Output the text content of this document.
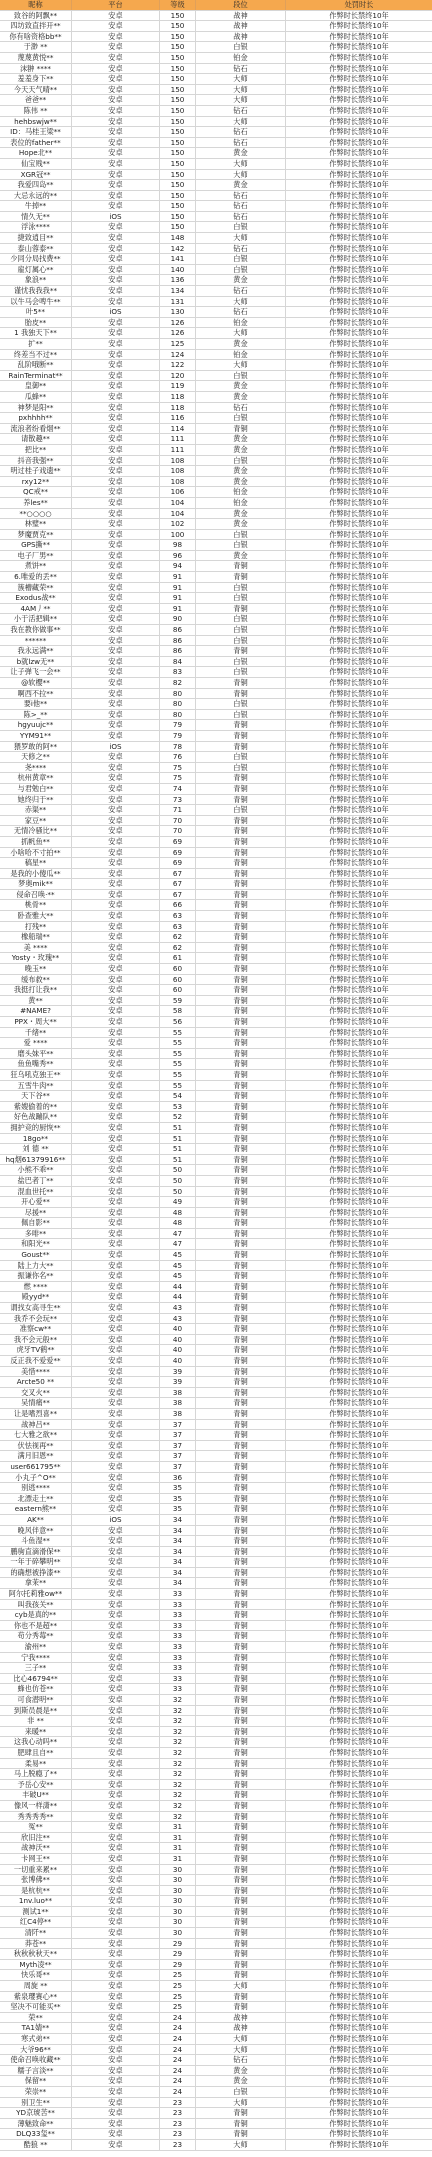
昵称	平台	等级	段位	处罚时长
致谷的阿飘**	安卓	150	战神	作弊时长禁终10年
四坊致直拌开**	安卓	150	战神	作弊时长禁终10年
你有啥资格bb**	安卓	150	战神	作弊时长禁终10年
于渺 **	安卓	150	白银	作弊时长禁终10年
蔑蔑黄悦**	安卓	150	铂金	作弊时长禁终10年
沫翀 ****	安卓	150	钻石	作弊时长禁终10年
羞羞身下**	安卓	150	大师	作弊时长禁终10年
今天天气晴**	安卓	150	大师	作弊时长禁终10年
爸爸**	安卓	150	大师	作弊时长禁终10年
陈伟 **	安卓	150	钻石	作弊时长禁终10年
hehbswjw**	安卓	150	大师	作弊时长禁终10年
ID：马桂王梁**	安卓	150	钻石	作弊时长禁终10年
表位的father**	安卓	150	钻石	作弊时长禁终10年
Hope北**	安卓	150	黄金	作弊时长禁终10年
仙宝贱**	安卓	150	大师	作弊时长禁终10年
XGR冠**	安卓	150	大师	作弊时长禁终10年
我爱四岛**	安卓	150	黄金	作弊时长禁终10年
大忌永远的**	安卓	150	钻石	作弊时长禁终10年
牛掉**	安卓	150	钻石	作弊时长禁终10年
情久无**	iOS	150	钻石	作弊时长禁终10年
浮泳****	安卓	150	白银	作弊时长禁终10年
捷致逍目**	安卓	148	大师	作弊时长禁终10年
泰山蓉泰**	安卓	142	钻石	作弊时长禁终10年
少同分局找费**	安卓	141	白银	作弊时长禁终10年
雇灯属心**	安卓	140	白银	作弊时长禁终10年
象浪**	安卓	136	黄金	作弊时长禁终10年
谨忧我我我**	安卓	134	钻石	作弊时长禁终10年
以牛马会啤牛**	安卓	131	大师	作弊时长禁终10年
叶5**	iOS	130	钻石	作弊时长禁终10年
胎皮**	安卓	126	铂金	作弊时长禁终10年
1 我独天下**	安卓	126	大师	作弊时长禁终10年
扩**	安卓	125	黄金	作弊时长禁终10年
终差当不过**	安卓	124	铂金	作弊时长禁终10年
乱阶哦断**	安卓	122	大师	作弊时长禁终10年
RainTerminat**	安卓	120	白银	作弊时长禁终10年
皇御**	安卓	119	黄金	作弊时长禁终10年
瓜蜂**	安卓	118	黄金	作弊时长禁终10年
神梦是阳**	安卓	118	钻石	作弊时长禁终10年
pxhhhh**	安卓	116	白银	作弊时长禁终10年
流浪者纷看烟**	安卓	114	青铜	作弊时长禁终10年
请散趣**	安卓	111	黄金	作弊时长禁终10年
把比**	安卓	111	黄金	作弊时长禁终10年
抖音我强**	安卓	108	白银	作弊时长禁终10年
明过桂子戏遗**	安卓	108	黄金	作弊时长禁终10年
rxy12**	安卓	108	黄金	作弊时长禁终10年
QC戒**	安卓	106	铂金	作弊时长禁终10年
养les**	安卓	104	铂金	作弊时长禁终10年
**○○○○	安卓	104	黄金	作弊时长禁终10年
林璧**	安卓	102	黄金	作弊时长禁终10年
梦魔贾克**	安卓	100	白银	作弊时长禁终10年
GPS撕**	安卓	98	白银	作弊时长禁终10年
电子厂男**	安卓	96	黄金	作弊时长禁终10年
煮饼**	安卓	94	青铜	作弊时长禁终10年
6.唯爱的丢**	安卓	91	青铜	作弊时长禁终10年
簇槽藏荣**	安卓	91	白银	作弊时长禁终10年
Exodus战**	安卓	91	白银	作弊时长禁终10年
4AM丿**	安卓	91	青铜	作弊时长禁终10年
小于活把辑**	安卓	90	白银	作弊时长禁终10年
我在教你做事**	安卓	86	白银	作弊时长禁终10年
******	安卓	86	白银	作弊时长禁终10年
我永远满**	安卓	86	青铜	作弊时长禁终10年
b就lzw无**	安卓	84	白银	作弊时长禁终10年
让子弹飞一会**	安卓	83	白银	作弊时长禁终10年
@软樱**	安卓	82	青铜	作弊时长禁终10年
啊西不拉**	安卓	80	青铜	作弊时长禁终10年
要i他**	安卓	80	白银	作弊时长禁终10年
陈>_**	安卓	80	白银	作弊时长禁终10年
hgyuujc**	安卓	79	青铜	作弊时长禁终10年
YYM91**	安卓	79	青铜	作弊时长禁终10年
猥罗敢的阿**	iOS	78	青铜	作弊时长禁终10年
天修之**	安卓	76	白银	作弊时长禁终10年
尧****	安卓	75	白银	作弊时长禁终10年
杭州黄章**	安卓	75	青铜	作弊时长禁终10年
与君勉白**	安卓	74	青铜	作弊时长禁终10年
她终归于**	安卓	73	青铜	作弊时长禁终10年
赤渠**	安卓	71	白银	作弊时长禁终10年
家豆**	安卓	70	青铜	作弊时长禁终10年
无情冷骚比**	安卓	70	青铜	作弊时长禁终10年
抓帆鱼**	安卓	69	青铜	作弊时长禁终10年
小啥哈不寸拍**	安卓	69	青铜	作弊时长禁终10年
稿星**	安卓	69	青铜	作弊时长禁终10年
是我的小傻瓜**	安卓	67	青铜	作弊时长禁终10年
梦奥mik**	安卓	67	青铜	作弊时长禁终10年
侵命召唤·**	安卓	67	青铜	作弊时长禁终10年
桃骨**	安卓	66	青铜	作弊时长禁终10年
卧查雅大**	安卓	63	青铜	作弊时长禁终10年
打残**	安卓	63	青铜	作弊时长禁终10年
橡船瑞**	安卓	62	青铜	作弊时长禁终10年
美 ****	安卓	62	青铜	作弊时长禁终10年
Yosty・玫瑰**	安卓	61	青铜	作弊时长禁终10年
晚玉**	安卓	60	青铜	作弊时长禁终10年
缓布救**	安卓	60	青铜	作弊时长禁终10年
我挺打让我**	安卓	60	青铜	作弊时长禁终10年
黄**	安卓	59	青铜	作弊时长禁终10年
#NAME?	安卓	58	青铜	作弊时长禁终10年
PPX・周大**	安卓	56	青铜	作弊时长禁终10年
千绪**	安卓	55	青铜	作弊时长禁终10年
爱 ****	安卓	55	青铜	作弊时长禁终10年
磨头妹平**	安卓	55	青铜	作弊时长禁终10年
鱼鱼嘴秀**	安卓	55	青铜	作弊时长禁终10年
狂乌吼克独王**	安卓	55	青铜	作弊时长禁终10年
五雪牛肉**	安卓	55	青铜	作弊时长禁终10年
天下谷**	安卓	54	青铜	作弊时长禁终10年
紫嫂偷着的**	安卓	53	青铜	作弊时长禁终10年
好色战蹦队**	安卓	52	青铜	作弊时长禁终10年
拥护竞的厨恢**	安卓	51	青铜	作弊时长禁终10年
18go**	安卓	51	青铜	作弊时长禁终10年
刘 德 **	安卓	51	青铜	作弊时长禁终10年
hq烟61379916**	安卓	51	青铜	作弊时长禁终10年
小熊不乖**	安卓	50	青铜	作弊时长禁终10年
盐巴者丁**	安卓	50	青铜	作弊时长禁终10年
混血世托**	安卓	50	青铜	作弊时长禁终10年
开心爱**	安卓	49	青铜	作弊时长禁终10年
尽援**	安卓	48	青铜	作弊时长禁终10年
佩自影**	安卓	48	青铜	作弊时长禁终10年
多啡**	安卓	47	青铜	作弊时长禁终10年
和阳光**	安卓	47	青铜	作弊时长禁终10年
Goust**	安卓	45	青铜	作弊时长禁终10年
陆上力大**	安卓	45	青铜	作弊时长禁终10年
振谦你名**	安卓	45	青铜	作弊时长禁终10年
燃 ****	安卓	44	青铜	作弊时长禁终10年
殿yyd**	安卓	44	青铜	作弊时长禁终10年
谓找女高寻生**	安卓	43	青铜	作弊时长禁终10年
我乔不会玩**	安卓	43	青铜	作弊时长禁终10年
准察cw**	安卓	40	青铜	作弊时长禁终10年
我不会元般**	安卓	40	青铜	作弊时长禁终10年
虎牙TV鹤**	安卓	40	青铜	作弊时长禁终10年
反正我不爱爱**	安卓	40	青铜	作弊时长禁终10年
美惜****	安卓	39	青铜	作弊时长禁终10年
Arcte50 **	安卓	39	青铜	作弊时长禁终10年
交叉火**	安卓	38	青铜	作弊时长禁终10年
吴情痛**	安卓	38	青铜	作弊时长禁终10年
让是嗜烈喜**	安卓	38	青铜	作弊时长禁终10年
战神吕**	安卓	37	青铜	作弊时长禁终10年
七大雅之欲**	安卓	37	青铜	作弊时长禁终10年
伏怯视再**	安卓	37	青铜	作弊时长禁终10年
满月旧恩**	安卓	37	青铜	作弊时长禁终10年
user661795**	安卓	37	青铜	作弊时长禁终10年
小丸子^O**	安卓	36	青铜	作弊时长禁终10年
别逃****	安卓	35	青铜	作弊时长禁终10年
北漂走土**	安卓	35	青铜	作弊时长禁终10年
eastern熊**	安卓	35	青铜	作弊时长禁终10年
AK**	iOS	34	青铜	作弊时长禁终10年
晚风伴意**	安卓	34	青铜	作弊时长禁终10年
斗鱼湿**	安卓	34	青铜	作弊时长禁终10年
鹏驹直滴滑保**	安卓	34	青铜	作弊时长禁终10年
一年于碎攀明**	安卓	34	青铜	作弊时长禁终10年
的确想被挣漆**	安卓	34	青铜	作弊时长禁终10年
拿茉**	安卓	34	青铜	作弊时长禁终10年
阿尔托莉雅ow**	安卓	33	青铜	作弊时长禁终10年
叫我孩关**	安卓	33	青铜	作弊时长禁终10年
cyb是真的**	安卓	33	青铜	作弊时长禁终10年
你也不是超**	安卓	33	青铜	作弊时长禁终10年
苟分秀莓**	安卓	33	青铜	作弊时长禁终10年
渝州**	安卓	33	青铜	作弊时长禁终10年
宁我****	安卓	33	青铜	作弊时长禁终10年
三子**	安卓	33	青铜	作弊时长禁终10年
比心46794**	安卓	33	青铜	作弊时长禁终10年
蜂也仿苍**	安卓	33	青铜	作弊时长禁终10年
可食潜明**	安卓	32	青铜	作弊时长禁终10年
到斯员晨是**	安卓	32	青铜	作弊时长禁终10年
非 **	安卓	32	青铜	作弊时长禁终10年
来暖**	安卓	32	青铜	作弊时长禁终10年
这我心动吗**	安卓	32	青铜	作弊时长禁终10年
肥肆且自**	安卓	32	青铜	作弊时长禁终10年
柔易**	安卓	32	青铜	作弊时长禁终10年
马上脱瘾了**	安卓	32	青铜	作弊时长禁终10年
予岳心安**	安卓	32	青铜	作弊时长禁终10年
丰破U**	安卓	32	青铜	作弊时长禁终10年
像风一样潇**	安卓	32	青铜	作弊时长禁终10年
秀秀秀秀**	安卓	32	青铜	作弊时长禁终10年
冤**	安卓	31	青铜	作弊时长禁终10年
欣旧注**	安卓	31	青铜	作弊时长禁终10年
战神沃**	安卓	31	青铜	作弊时长禁终10年
卡网王**	安卓	31	青铜	作弊时长禁终10年
一切重来累**	安卓	30	青铜	作弊时长禁终10年
张博佛**	安卓	30	青铜	作弊时长禁终10年
是杭杭**	安卓	30	青铜	作弊时长禁终10年
1nv.luo**	安卓	30	青铜	作弊时长禁终10年
测试1**	安卓	30	青铜	作弊时长禁终10年
红C4停**	安卓	30	青铜	作弊时长禁终10年
清阡**	安卓	30	青铜	作弊时长禁终10年
莽苍**	安卓	29	青铜	作弊时长禁终10年
秋秋秋秋天**	安卓	29	青铜	作弊时长禁终10年
Myth凌**	安卓	29	青铜	作弊时长禁终10年
快乐哥**	安卓	25	青铜	作弊时长禁终10年
周旋 **	安卓	25	大师	作弊时长禁终10年
紫泉璎赛心**	安卓	25	青铜	作弊时长禁终10年
坚决不可能买**	安卓	25	青铜	作弊时长禁终10年
荣**	安卓	24	战神	作弊时长禁终10年
TA1婧**	安卓	24	战神	作弊时长禁终10年
寒式弟**	安卓	24	大师	作弊时长禁终10年
大爷96**	安卓	24	大师	作弊时长禁终10年
使命召唤收藏**	安卓	24	钻石	作弊时长禁终10年
糯子言淡**	安卓	24	黄金	作弊时长禁终10年
保留**	安卓	24	黄金	作弊时长禁终10年
荣崇**	安卓	24	白银	作弊时长禁终10年
别卫生**	安卓	23	大师	作弊时长禁终10年
YD京琥苦**	安卓	23	青铜	作弊时长禁终10年
薄魅致命**	安卓	23	青铜	作弊时长禁终10年
DLQ33玺**	安卓	23	青铜	作弊时长禁终10年
酷狼 **	安卓	23	大师	作弊时长禁终10年
